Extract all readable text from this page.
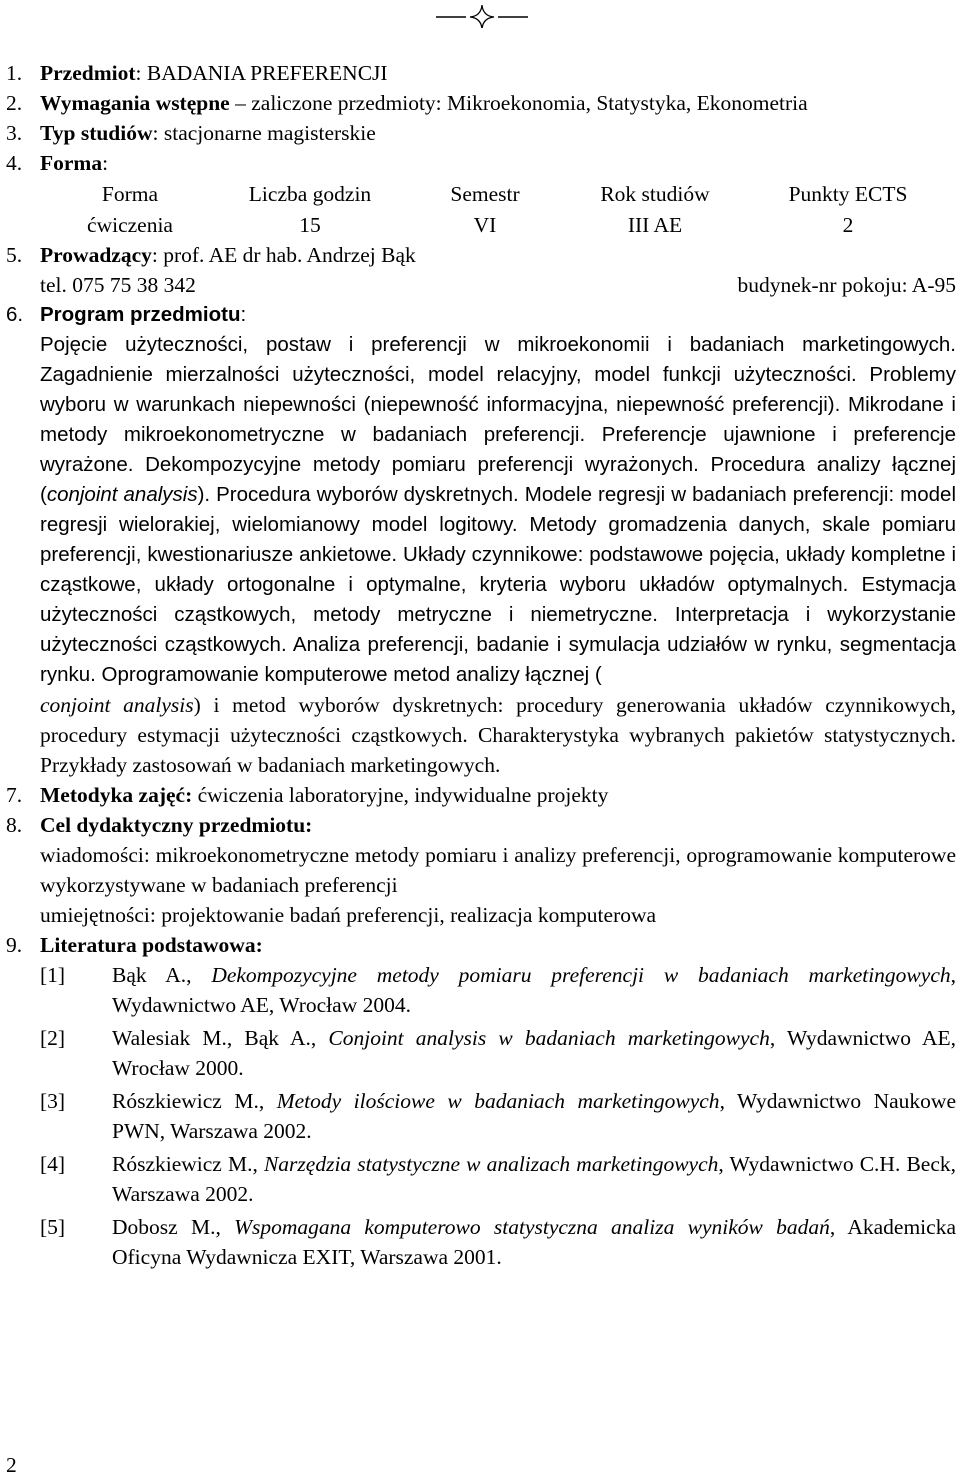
1. Przedmiot: BADANIA PREFERENCJI
2. Wymagania wstępne – zaliczone przedmioty: Mikroekonomia, Statystyka, Ekonometria
3. Typ studiów: stacjonarne magisterskie
4. Forma:
Forma	Liczba godzin	Semestr	Rok studiów	Punkty ECTS
ćwiczenia	15	VI	III AE	2
5. Prowadzący: prof. AE dr hab. Andrzej Bąk
tel. 075 75 38 342	budynek-nr pokoju: A-95
6. Program przedmiotu:
Pojęcie użyteczności, postaw i preferencji w mikroekonomii i badaniach marketingowych. Zagadnienie mierzalności użyteczności, model relacyjny, model funkcji użyteczności. Problemy wyboru w warunkach niepewności (niepewność informacyjna, niepewność preferencji). Mikrodane i metody mikroekonometryczne w badaniach preferencji. Preferencje ujawnione i preferencje wyrażone. Dekompozycyjne metody pomiaru preferencji wyrażonych. Procedura analizy łącznej (conjoint analysis). Procedura wyborów dyskretnych. Modele regresji w badaniach preferencji: model regresji wielorakiej, wielomianowy model logitowy. Metody gromadzenia danych, skale pomiaru preferencji, kwestionariusze ankietowe. Układy czynnikowe: podstawowe pojęcia, układy kompletne i cząstkowe, układy ortogonalne i optymalne, kryteria wyboru układów optymalnych. Estymacja użyteczności cząstkowych, metody metryczne i niemetryczne. Interpretacja i wykorzystanie użyteczności cząstkowych. Analiza preferencji, badanie i symulacja udziałów w rynku, segmentacja rynku. Oprogramowanie komputerowe metod analizy łącznej (
conjoint analysis) i metod wyborów dyskretnych: procedury generowania układów czynnikowych, procedury estymacji użyteczności cząstkowych. Charakterystyka wybranych pakietów statystycznych. Przykłady zastosowań w badaniach marketingowych.
7. Metodyka zajęć: ćwiczenia laboratoryjne, indywidualne projekty
8. Cel dydaktyczny przedmiotu:
wiadomości: mikroekonometryczne metody pomiaru i analizy preferencji, oprogramowanie komputerowe wykorzystywane w badaniach preferencji
umiejętności: projektowanie badań preferencji, realizacja komputerowa
9. Literatura podstawowa:
[1] Bąk A., Dekompozycyjne metody pomiaru preferencji w badaniach marketingowych, Wydawnictwo AE, Wrocław 2004.
[2] Walesiak M., Bąk A., Conjoint analysis w badaniach marketingowych, Wydawnictwo AE, Wrocław 2000.
[3] Rószkiewicz M., Metody ilościowe w badaniach marketingowych, Wydawnictwo Naukowe PWN, Warszawa 2002.
[4] Rószkiewicz M., Narzędzia statystyczne w analizach marketingowych, Wydawnictwo C.H. Beck, Warszawa 2002.
[5] Dobosz M., Wspomagana komputerowo statystyczna analiza wyników badań, Akademicka Oficyna Wydawnicza EXIT, Warszawa 2001.
2
